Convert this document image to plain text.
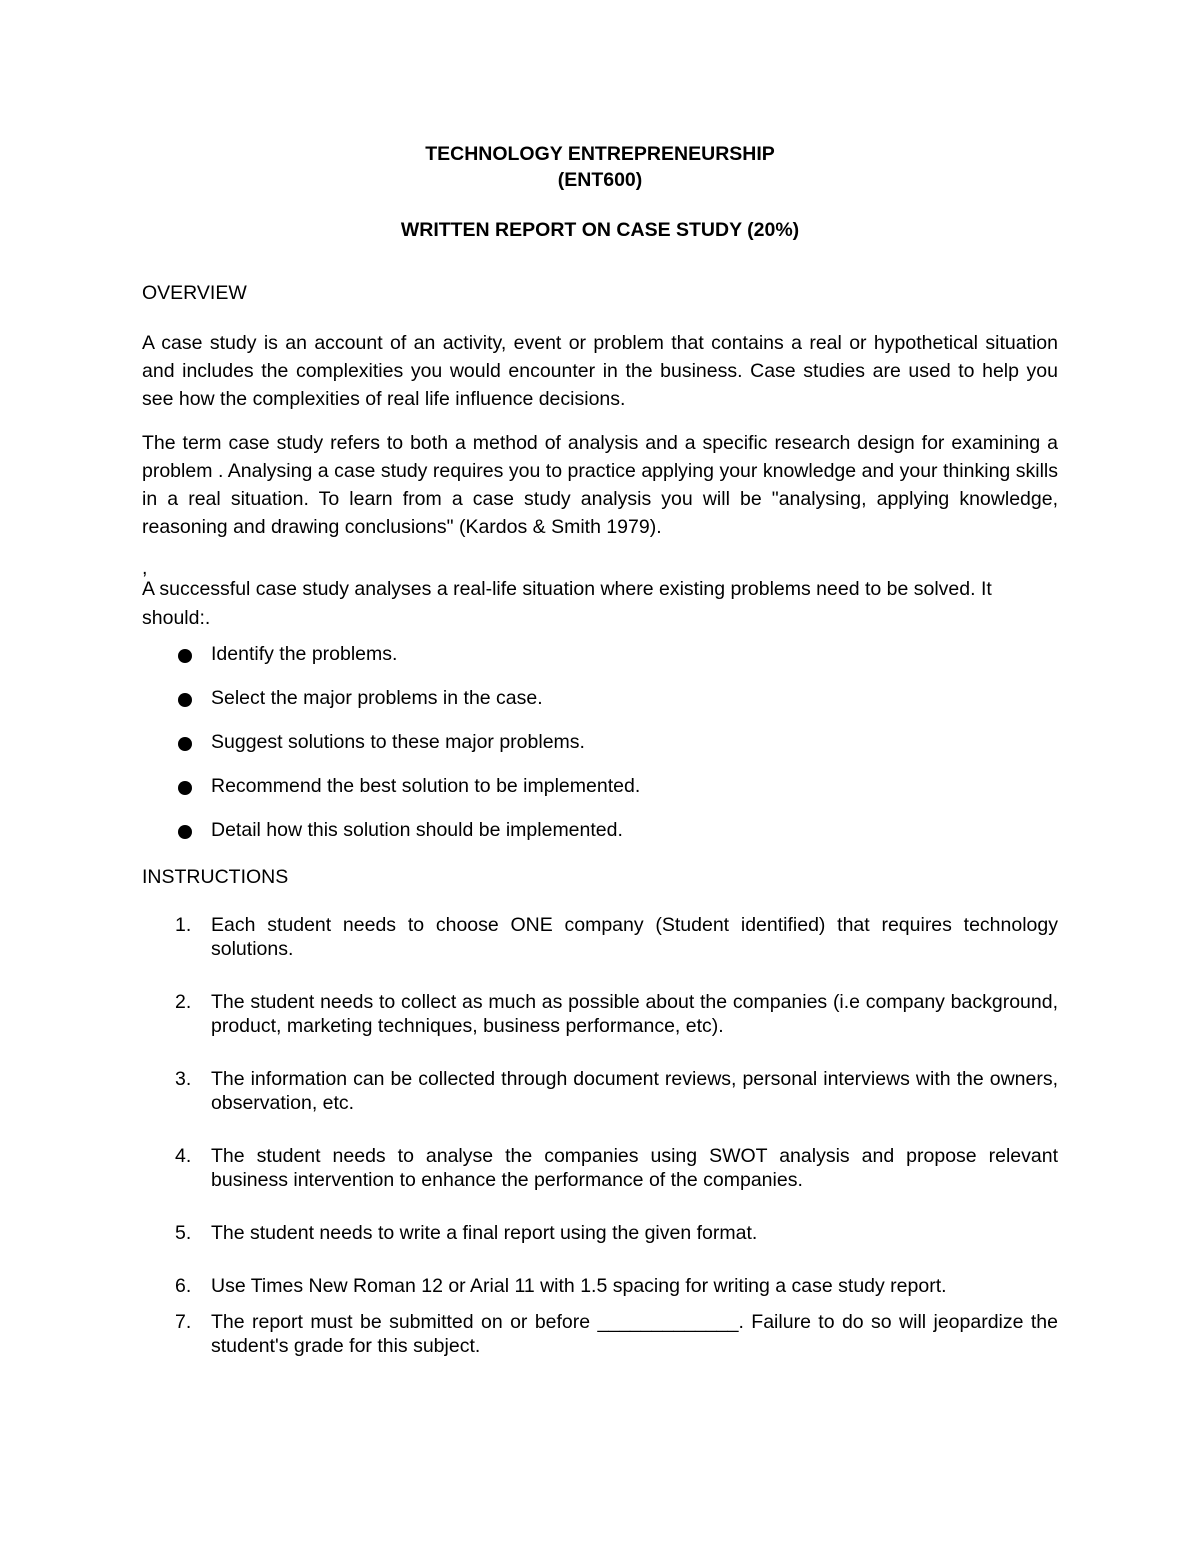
TECHNOLOGY ENTREPRENEURSHIP
(ENT600)
WRITTEN REPORT ON CASE STUDY (20%)

OVERVIEW

A case study is an account of an activity, event or problem that contains a real or hypothetical situation and includes the complexities you would encounter in the business. Case studies are used to help you see how the complexities of real life influence decisions.

The term case study refers to both a method of analysis and a specific research design for examining a problem . Analysing a case study requires you to practice applying your knowledge and your thinking skills in a real situation. To learn from a case study analysis you will be "analysing, applying knowledge, reasoning and drawing conclusions" (Kardos & Smith 1979).

,

A successful case study analyses a real-life situation where existing problems need to be solved. It should:.

Identify the problems.
Select the major problems in the case.
Suggest solutions to these major problems.
Recommend the best solution to be implemented.
Detail how this solution should be implemented.

INSTRUCTIONS

1.	Each student needs to choose ONE company (Student identified) that requires technology solutions.
2.	The student needs to collect as much as possible about the companies (i.e company background, product, marketing techniques, business performance, etc).
3.	The information can be collected through document reviews, personal interviews with the owners, observation, etc.
4.	The student needs to analyse the companies using SWOT analysis and propose relevant business intervention to enhance the performance of the companies.
5.	The student needs to write a final report using the given format.
6.	Use Times New Roman 12 or Arial 11 with 1.5 spacing for writing a case study report.
7.	The report must be submitted on or before _____________. Failure to do so will jeopardize the student's grade for this subject.
